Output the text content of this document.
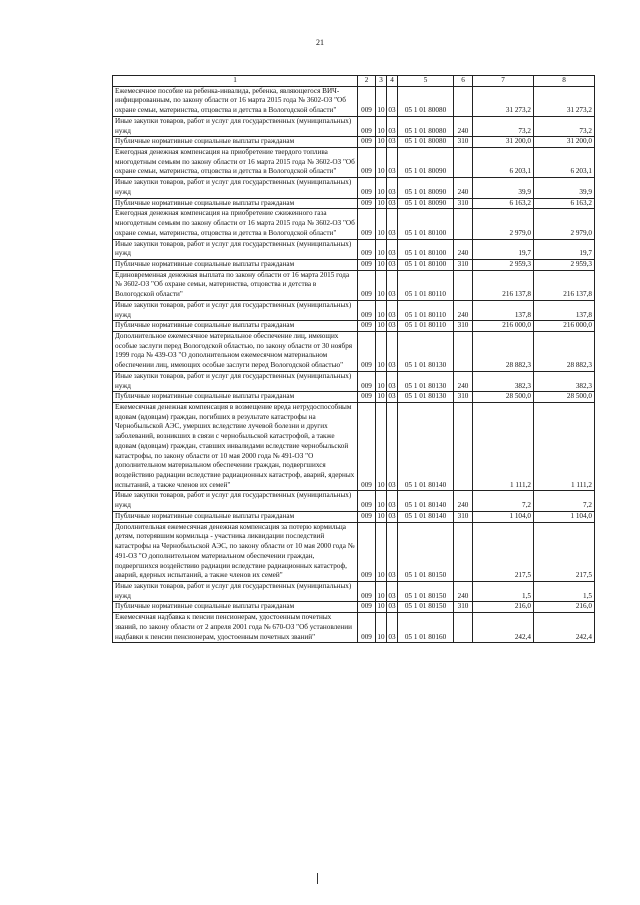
21
1	2	3	4	5	6	7	8
Ежемесячное пособие на ребенка-инвалида, ребенка, являющегося ВИЧ-инфицированным, по закону области от 16 марта 2015 года № 3602-ОЗ "Об охране семьи, материнства, отцовства и детства в Вологодской области"	009	10	03	05 1 01 80080		31 273,2	31 273,2
Иные закупки товаров, работ и услуг для государственных (муниципальных) нужд	009	10	03	05 1 01 80080	240	73,2	73,2
Публичные нормативные социальные выплаты гражданам	009	10	03	05 1 01 80080	310	31 200,0	31 200,0
Ежегодная денежная компенсация на приобретение твердого топлива многодетным семьям по закону области от 16 марта 2015 года № 3602-ОЗ "Об охране семьи, материнства, отцовства и детства в Вологодской области"	009	10	03	05 1 01 80090		6 203,1	6 203,1
Иные закупки товаров, работ и услуг для государственных (муниципальных) нужд	009	10	03	05 1 01 80090	240	39,9	39,9
Публичные нормативные социальные выплаты гражданам	009	10	03	05 1 01 80090	310	6 163,2	6 163,2
Ежегодная денежная компенсация на приобретение сжиженного газа многодетным семьям по закону области от 16 марта 2015 года № 3602-ОЗ "Об охране семьи, материнства, отцовства и детства в Вологодской области"	009	10	03	05 1 01 80100		2 979,0	2 979,0
Иные закупки товаров, работ и услуг для государственных (муниципальных) нужд	009	10	03	05 1 01 80100	240	19,7	19,7
Публичные нормативные социальные выплаты гражданам	009	10	03	05 1 01 80100	310	2 959,3	2 959,3
Единовременная денежная выплата по закону области от 16 марта 2015 года № 3602-ОЗ "Об охране семьи, материнства, отцовства и детства в Вологодской области"	009	10	03	05 1 01 80110		216 137,8	216 137,8
Иные закупки товаров, работ и услуг для государственных (муниципальных) нужд	009	10	03	05 1 01 80110	240	137,8	137,8
Публичные нормативные социальные выплаты гражданам	009	10	03	05 1 01 80110	310	216 000,0	216 000,0
Дополнительное ежемесячное материальное обеспечение лиц, имеющих особые заслуги перед Вологодской областью, по закону области от 30 ноября 1999 года № 439-ОЗ "О дополнительном ежемесячном материальном обеспечении лиц, имеющих особые заслуги перед Вологодской областью"	009	10	03	05 1 01 80130		28 882,3	28 882,3
Иные закупки товаров, работ и услуг для государственных (муниципальных) нужд	009	10	03	05 1 01 80130	240	382,3	382,3
Публичные нормативные социальные выплаты гражданам	009	10	03	05 1 01 80130	310	28 500,0	28 500,0
Ежемесячная денежная компенсация в возмещение вреда нетрудоспособным вдовам (вдовцам) граждан, погибших в результате катастрофы на Чернобыльской АЭС, умерших вследствие лучевой болезни и других заболеваний, возникших в связи с чернобыльской катастрофой, а также вдовам (вдовцам) граждан, ставших инвалидами вследствие чернобыльской катастрофы, по закону области от 10 мая 2000 года № 491-ОЗ "О дополнительном материальном обеспечении граждан, подвергшихся воздействию радиации вследствие радиационных катастроф, аварий, ядерных испытаний, а также членов их семей"	009	10	03	05 1 01 80140		1 111,2	1 111,2
Иные закупки товаров, работ и услуг для государственных (муниципальных) нужд	009	10	03	05 1 01 80140	240	7,2	7,2
Публичные нормативные социальные выплаты гражданам	009	10	03	05 1 01 80140	310	1 104,0	1 104,0
Дополнительная ежемесячная денежная компенсация за потерю кормильца детям, потерявшим кормильца - участника ликвидации последствий катастрофы на Чернобыльской АЭС, по закону области от 10 мая 2000 года № 491-ОЗ "О дополнительном материальном обеспечении граждан, подвергшихся воздействию радиации вследствие радиационных катастроф, аварий, ядерных испытаний, а также членов их семей"	009	10	03	05 1 01 80150		217,5	217,5
Иные закупки товаров, работ и услуг для государственных (муниципальных) нужд	009	10	03	05 1 01 80150	240	1,5	1,5
Публичные нормативные социальные выплаты гражданам	009	10	03	05 1 01 80150	310	216,0	216,0
Ежемесячная надбавка к пенсии пенсионерам, удостоенным почетных званий, по закону области от 2 апреля 2001 года № 670-ОЗ "Об установлении надбавки к пенсии пенсионерам, удостоенным почетных званий"	009	10	03	05 1 01 80160		242,4	242,4
